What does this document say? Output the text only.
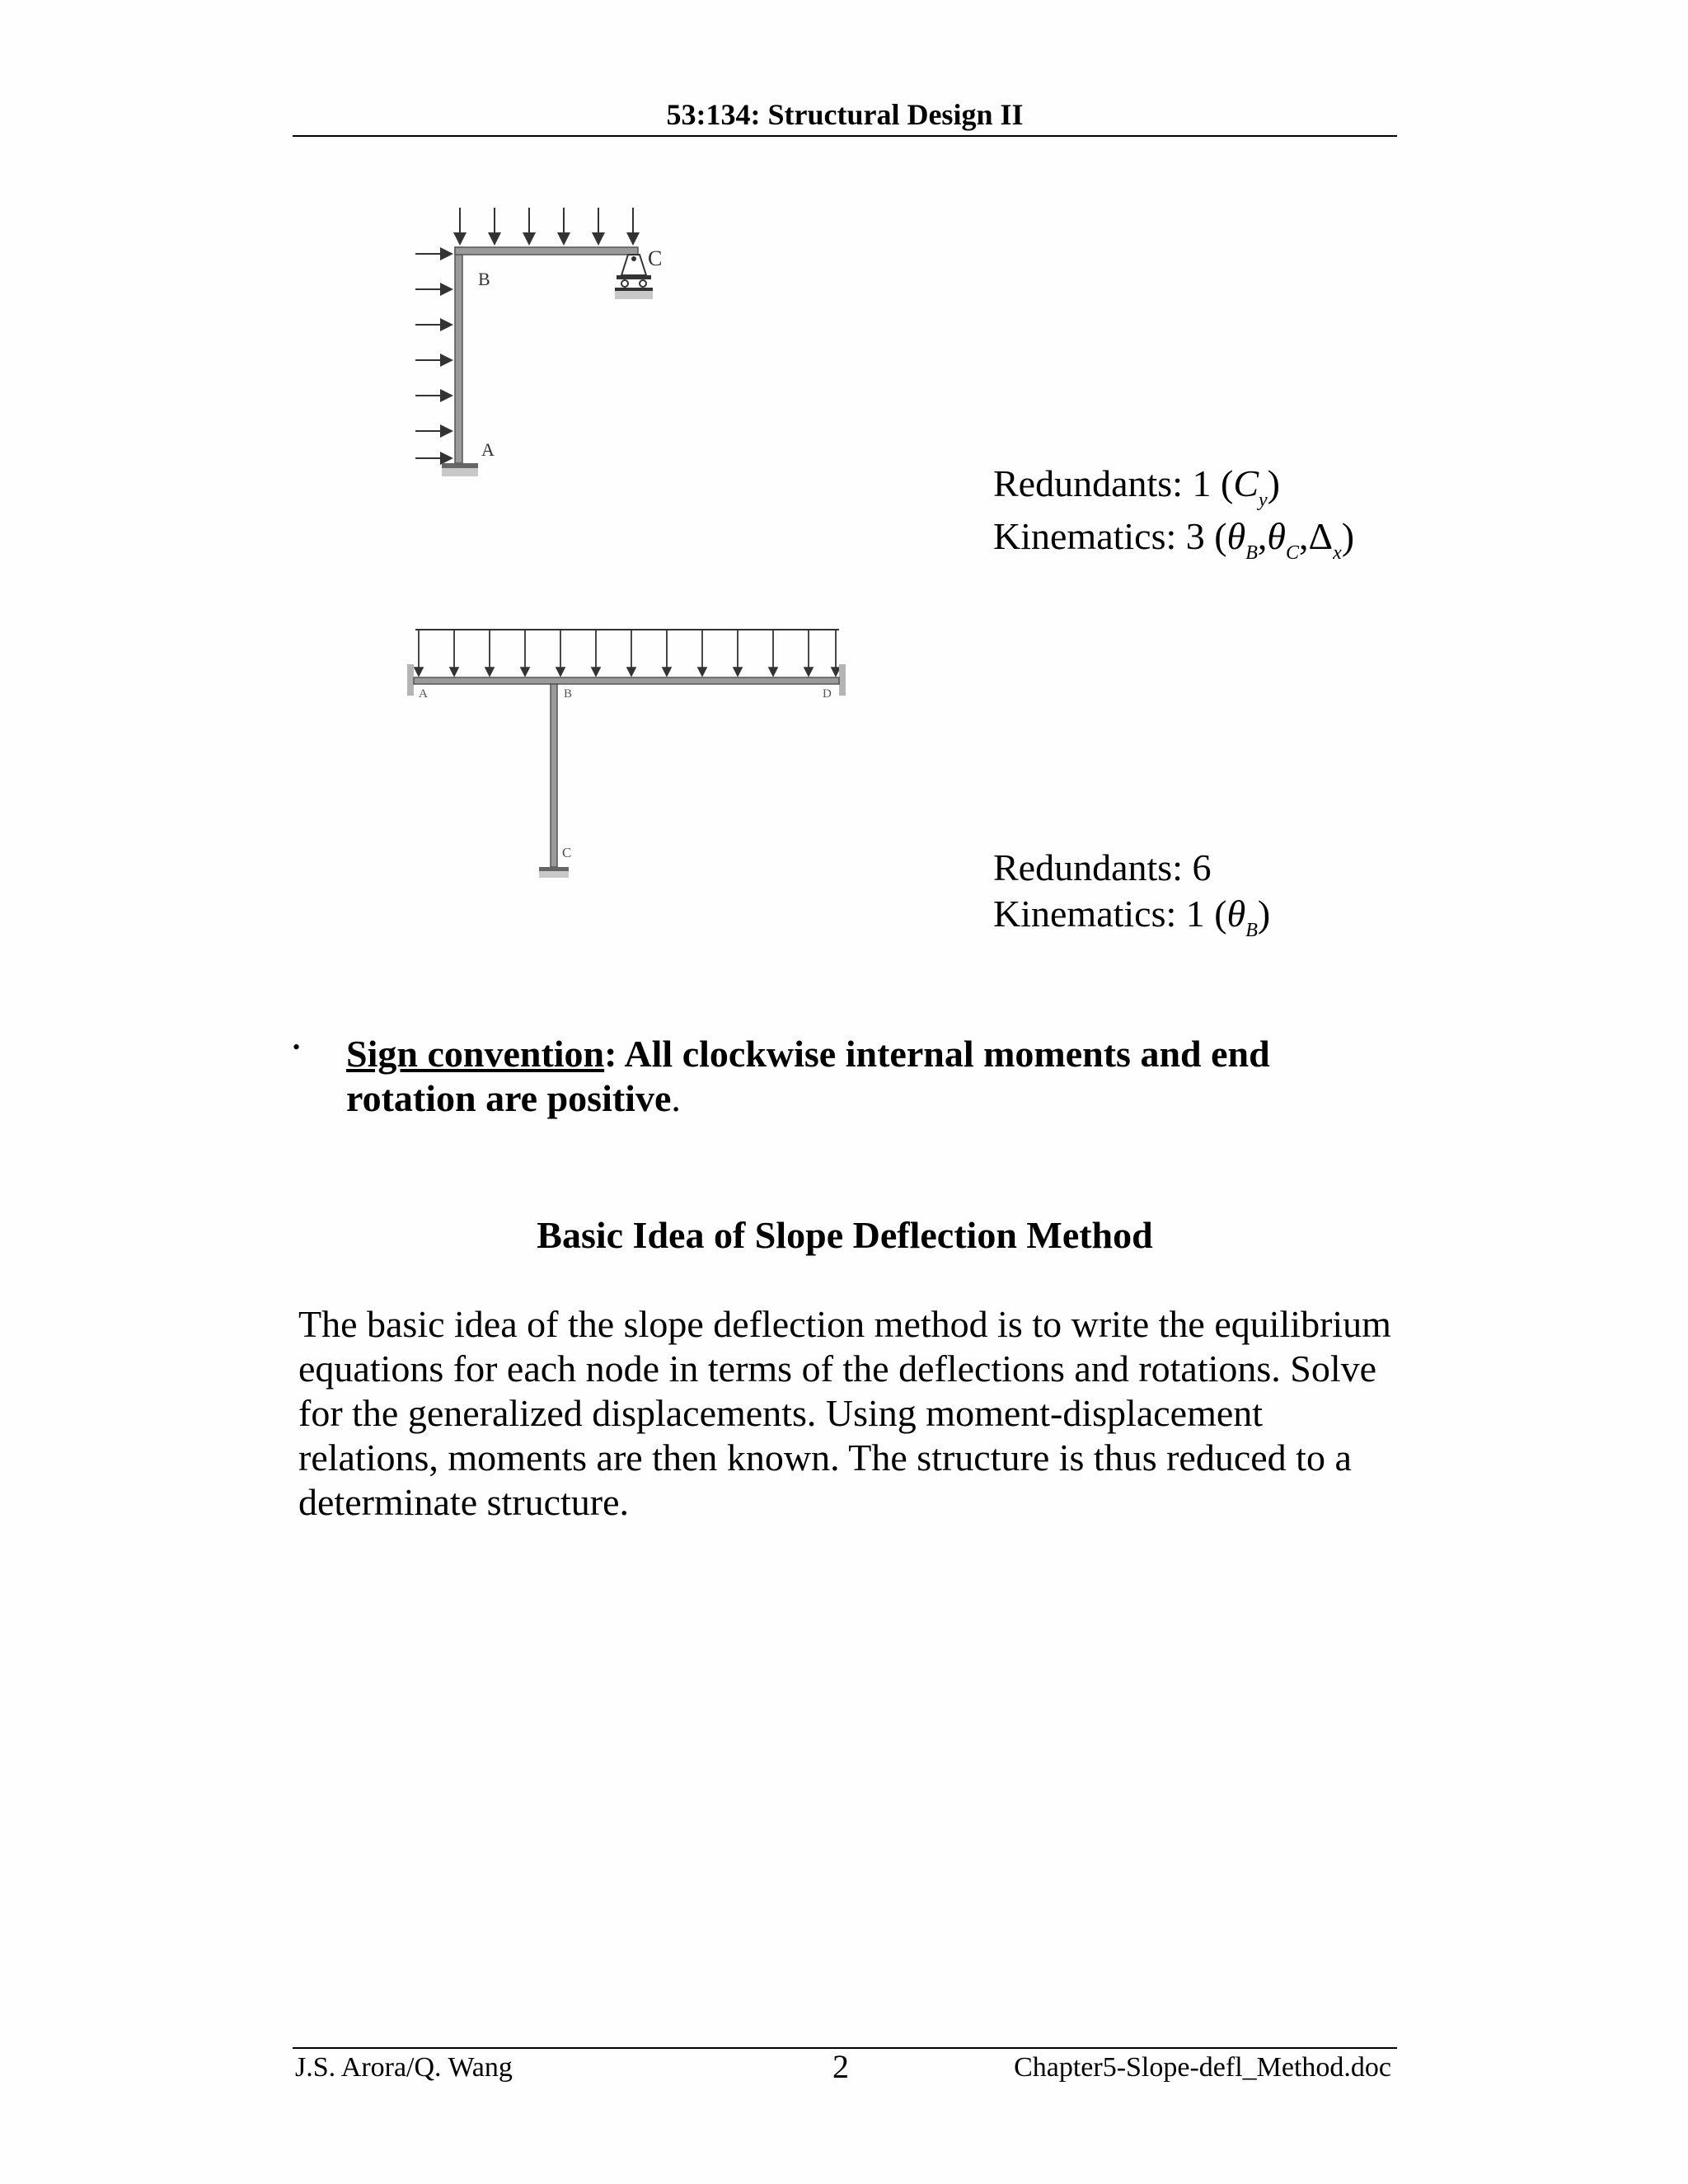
53:134: Structural Design II
B
A
C
Redundants: 1 $(C_y)$
Kinematics: 3 $(\theta_B,\theta_C,\Delta_x)$
A	B	D
C	Redundants: 6
Kinematics: 1 $(\theta_B)$
• Sign convention: All clockwise internal moments and end rotation are positive.
Basic Idea of Slope Deflection Method
The basic idea of the slope deflection method is to write the equilibrium equations for each node in terms of the deflections and rotations. Solve for the generalized displacements. Using moment-displacement relations, moments are then known. The structure is thus reduced to a determinate structure.
J.S. Arora/Q. Wang	2	Chapter5-Slope-defl_Method.doc
